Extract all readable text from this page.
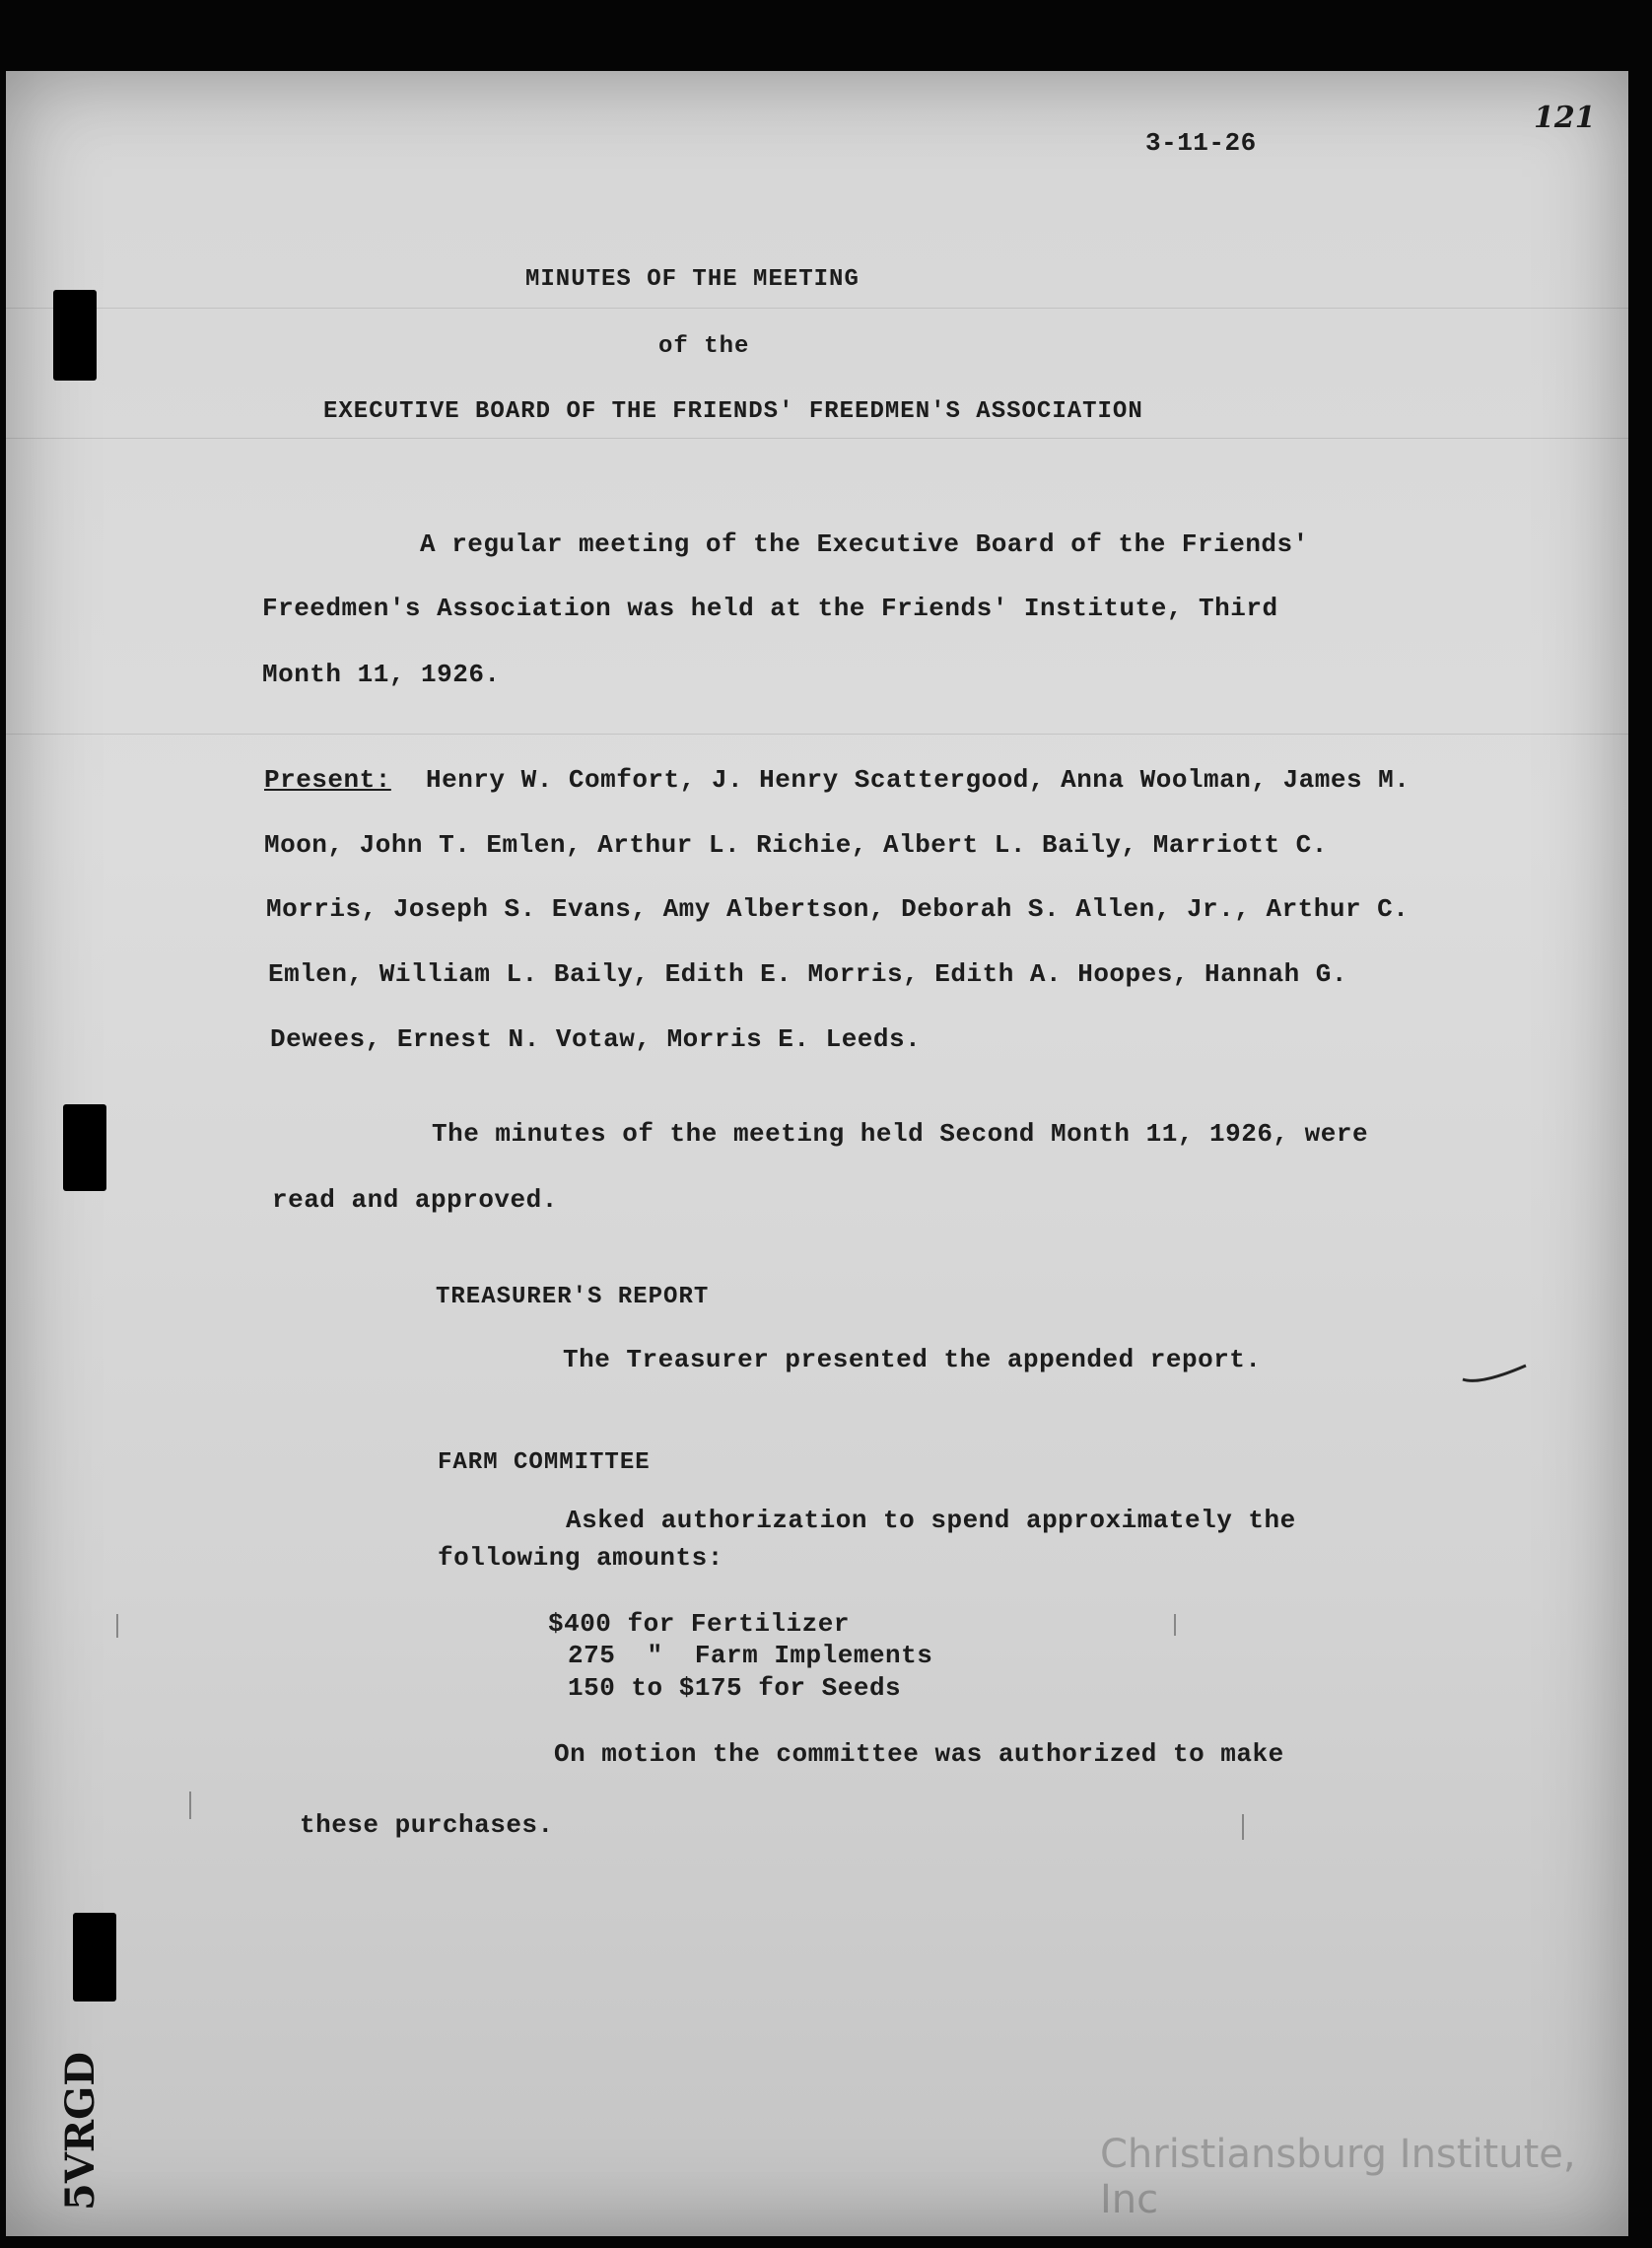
121
3-11-26
MINUTES OF THE MEETING
of the
EXECUTIVE BOARD OF THE FRIENDS' FREEDMEN'S ASSOCIATION
A regular meeting of the Executive Board of the Friends'
Freedmen's Association was held at the Friends' Institute, Third
Month 11, 1926.
Present: Henry W. Comfort, J. Henry Scattergood, Anna Woolman, James M.
Moon, John T. Emlen, Arthur L. Richie, Albert L. Baily, Marriott C.
Morris, Joseph S. Evans, Amy Albertson, Deborah S. Allen, Jr., Arthur C.
Emlen, William L. Baily, Edith E. Morris, Edith A. Hoopes, Hannah G.
Dewees, Ernest N. Votaw, Morris E. Leeds.
The minutes of the meeting held Second Month 11, 1926, were
read and approved.
TREASURER'S REPORT
The Treasurer presented the appended report.
FARM COMMITTEE
Asked authorization to spend approximately the
following amounts:
$400 for Fertilizer
275  "  Farm Implements
150 to $175 for Seeds
On motion the committee was authorized to make
these purchases.
5VRGD	Christiansburg Institute, Inc
